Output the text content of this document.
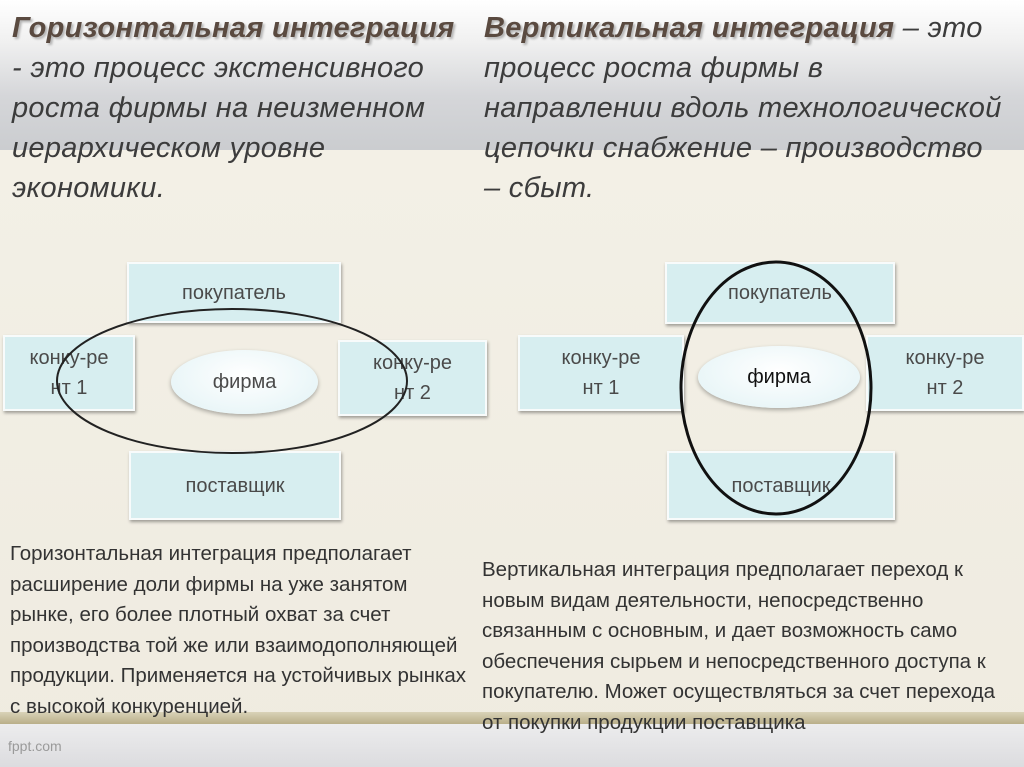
Горизонтальная интеграция - это процесс экстенсивного роста фирмы на неизменном иерархическом уровне экономики.
Вертикальная интеграция – это процесс роста фирмы в направлении вдоль технологической цепочки снабжение – производство – сбыт.
покупатель
конку-рент 1
конку-рент 2
поставщик
фирма
покупатель
конку-рент 1
конку-рент 2
поставщик
фирма
Горизонтальная интеграция предполагает расширение доли фирмы на уже занятом рынке, его более плотный охват за счет производства той же или взаимодополняющей продукции. Применяется на устойчивых рынках с высокой конкуренцией.
Вертикальная интеграция предполагает переход к новым видам деятельности, непосредственно связанным с основным, и дает возможность само обеспечения сырьем и непосредственного доступа к покупателю. Может осуществляться за счет перехода от покупки продукции поставщика
fppt.com
